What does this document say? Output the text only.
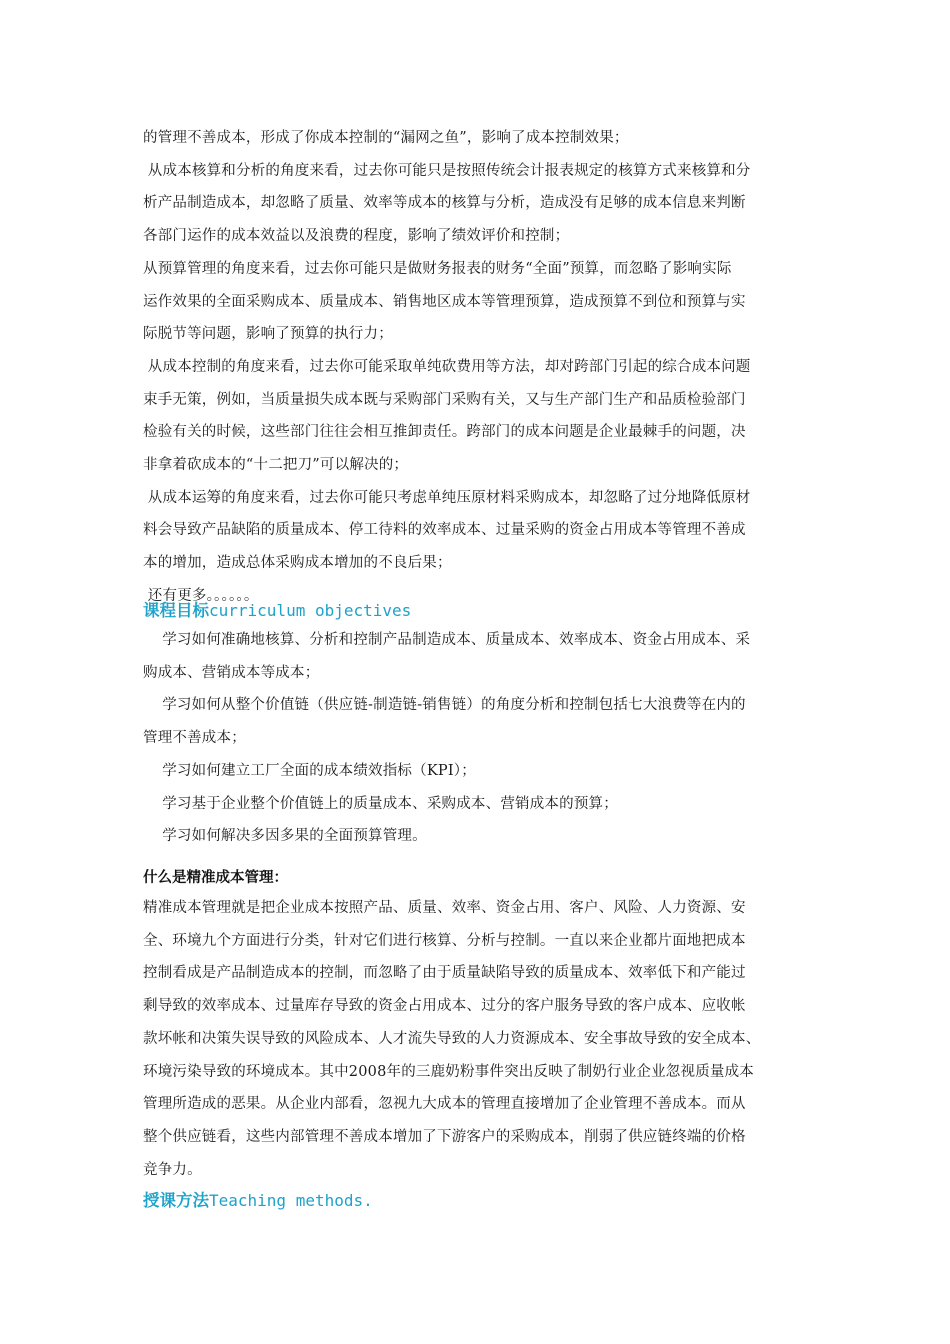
的管理不善成本，形成了你成本控制的“漏网之鱼”，影响了成本控制效果；
从成本核算和分析的角度来看，过去你可能只是按照传统会计报表规定的核算方式来核算和分
析产品制造成本，却忽略了质量、效率等成本的核算与分析，造成没有足够的成本信息来判断
各部门运作的成本效益以及浪费的程度，影响了绩效评价和控制；
从预算管理的角度来看，过去你可能只是做财务报表的财务“全面”预算，而忽略了影响实际
运作效果的全面采购成本、质量成本、销售地区成本等管理预算，造成预算不到位和预算与实
际脱节等问题，影响了预算的执行力；
从成本控制的角度来看，过去你可能采取单纯砍费用等方法，却对跨部门引起的综合成本问题
束手无策，例如，当质量损失成本既与采购部门采购有关，又与生产部门生产和品质检验部门
检验有关的时候，这些部门往往会相互推卸责任。跨部门的成本问题是企业最棘手的问题，决
非拿着砍成本的“十二把刀”可以解决的；
从成本运筹的角度来看，过去你可能只考虑单纯压原材料采购成本，却忽略了过分地降低原材
料会导致产品缺陷的质量成本、停工待料的效率成本、过量采购的资金占用成本等管理不善成
本的增加，造成总体采购成本增加的不良后果；
还有更多。。。。。。
课程目标curriculum objectives
学习如何准确地核算、分析和控制产品制造成本、质量成本、效率成本、资金占用成本、采
购成本、营销成本等成本；
学习如何从整个价值链（供应链-制造链-销售链）的角度分析和控制包括七大浪费等在内的
管理不善成本；
学习如何建立工厂全面的成本绩效指标（KPI）；
学习基于企业整个价值链上的质量成本、采购成本、营销成本的预算；
学习如何解决多因多果的全面预算管理。
什么是精准成本管理：
精准成本管理就是把企业成本按照产品、质量、效率、资金占用、客户、风险、人力资源、安
全、环境九个方面进行分类，针对它们进行核算、分析与控制。一直以来企业都片面地把成本
控制看成是产品制造成本的控制，而忽略了由于质量缺陷导致的质量成本、效率低下和产能过
剩导致的效率成本、过量库存导致的资金占用成本、过分的客户服务导致的客户成本、应收帐
款坏帐和决策失误导致的风险成本、人才流失导致的人力资源成本、安全事故导致的安全成本、
环境污染导致的环境成本。其中2008年的三鹿奶粉事件突出反映了制奶行业企业忽视质量成本
管理所造成的恶果。从企业内部看，忽视九大成本的管理直接增加了企业管理不善成本。而从
整个供应链看，这些内部管理不善成本增加了下游客户的采购成本，削弱了供应链终端的价格
竞争力。
授课方法Teaching methods.
